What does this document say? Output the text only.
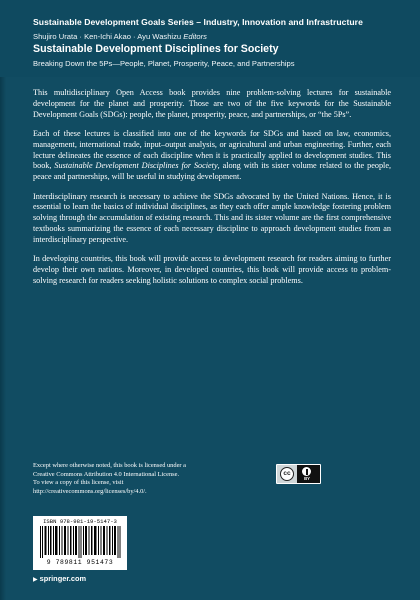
Sustainable Development Goals Series – Industry, Innovation and Infrastructure
Shujiro Urata · Ken-Ichi Akao · Ayu Washizu Editors
Sustainable Development Disciplines for Society
Breaking Down the 5Ps—People, Planet, Prosperity, Peace, and Partnerships

This multidisciplinary Open Access book provides nine problem-solving lectures for sustainable development for the planet and prosperity. Those are two of the five keywords for the Sustainable Development Goals (SDGs): people, the planet, prosperity, peace, and partnerships, or “the 5Ps”.

Each of these lectures is classified into one of the keywords for SDGs and based on law, economics, management, international trade, input–output analysis, or agricultural and urban engineering. Further, each lecture delineates the essence of each discipline when it is practically applied to development studies. This book, Sustainable Development Disciplines for Society, along with its sister volume related to the people, peace and partnerships, will be useful in studying development.

Interdisciplinary research is necessary to achieve the SDGs advocated by the United Nations. Hence, it is essential to learn the basics of individual disciplines, as they each offer ample knowledge fostering problem solving through the accumulation of existing research. This and its sister volume are the first comprehensive textbooks summarizing the essence of each necessary discipline to approach development studies from an interdisciplinary perspective.

In developing countries, this book will provide access to development research for readers aiming to further develop their own nations. Moreover, in developed countries, this book will provide access to problem-solving research for readers seeking holistic solutions to complex social problems.

Except where otherwise noted, this book is licensed under a
Creative Commons Attribution 4.0 International License.
To view a copy of this license, visit
http://creativecommons.org/licenses/by/4.0/.
cc
BY
ISBN 978-981-19-5147-3
9 789811 951473
▶ springer.com
